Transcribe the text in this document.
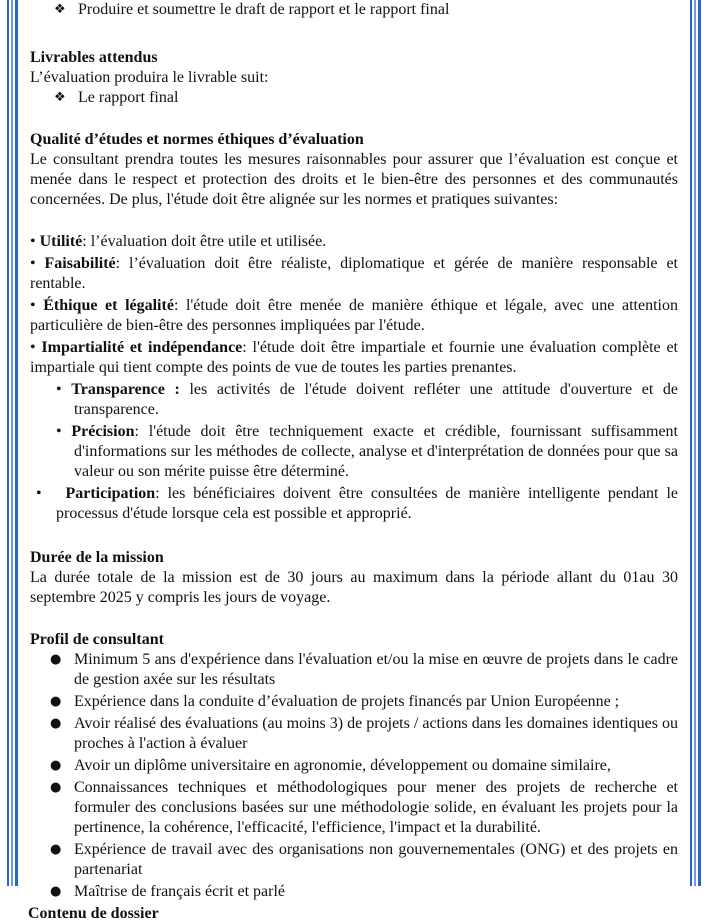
❖ Produire et soumettre le draft de rapport et le rapport final
Livrables attendus

L’évaluation produira le livrable suit:

❖ Le rapport final
Qualité d’études et normes éthiques d’évaluation

Le consultant prendra toutes les mesures raisonnables pour assurer que l’évaluation est conçue et menée dans le respect et protection des droits et le bien-être des personnes et des communautés concernées. De plus, l'étude doit être alignée sur les normes et pratiques suivantes:

• Utilité: l’évaluation doit être utile et utilisée.
• Faisabilité: l’évaluation doit être réaliste, diplomatique et gérée de manière responsable et rentable.
• Éthique et légalité: l'étude doit être menée de manière éthique et légale, avec une attention particulière de bien-être des personnes impliquées par l'étude.
• Impartialité et indépendance: l'étude doit être impartiale et fournie une évaluation complète et impartiale qui tient compte des points de vue de toutes les parties prenantes.
• Transparence : les activités de l'étude doivent refléter une attitude d'ouverture et de transparence.
• Précision: l'étude doit être techniquement exacte et crédible, fournissant suffisamment d'informations sur les méthodes de collecte, analyse et d'interprétation de données pour que sa valeur ou son mérite puisse être déterminé.
•   Participation: les bénéficiaires doivent être consultées de manière intelligente pendant le processus d'étude lorsque cela est possible et approprié.
Durée de la mission

La durée totale de la mission est de 30 jours au maximum dans la période allant du 01au 30 septembre 2025 y compris les jours de voyage.

Profil de consultant
● Minimum 5 ans d'expérience dans l'évaluation et/ou la mise en œuvre de projets dans le cadre de gestion axée sur les résultats
● Expérience dans la conduite d’évaluation de projets financés par Union Européenne ;
● Avoir réalisé des évaluations (au moins 3) de projets / actions dans les domaines identiques ou proches à l'action à évaluer
● Avoir un diplôme universitaire en agronomie, développement ou domaine similaire,
● Connaissances techniques et méthodologiques pour mener des projets de recherche et formuler des conclusions basées sur une méthodologie solide, en évaluant les projets pour la pertinence, la cohérence, l'efficacité, l'efficience, l'impact et la durabilité.
● Expérience de travail avec des organisations non gouvernementales (ONG) et des projets en partenariat
● Maîtrise de français écrit et parlé
Contenu de dossier
